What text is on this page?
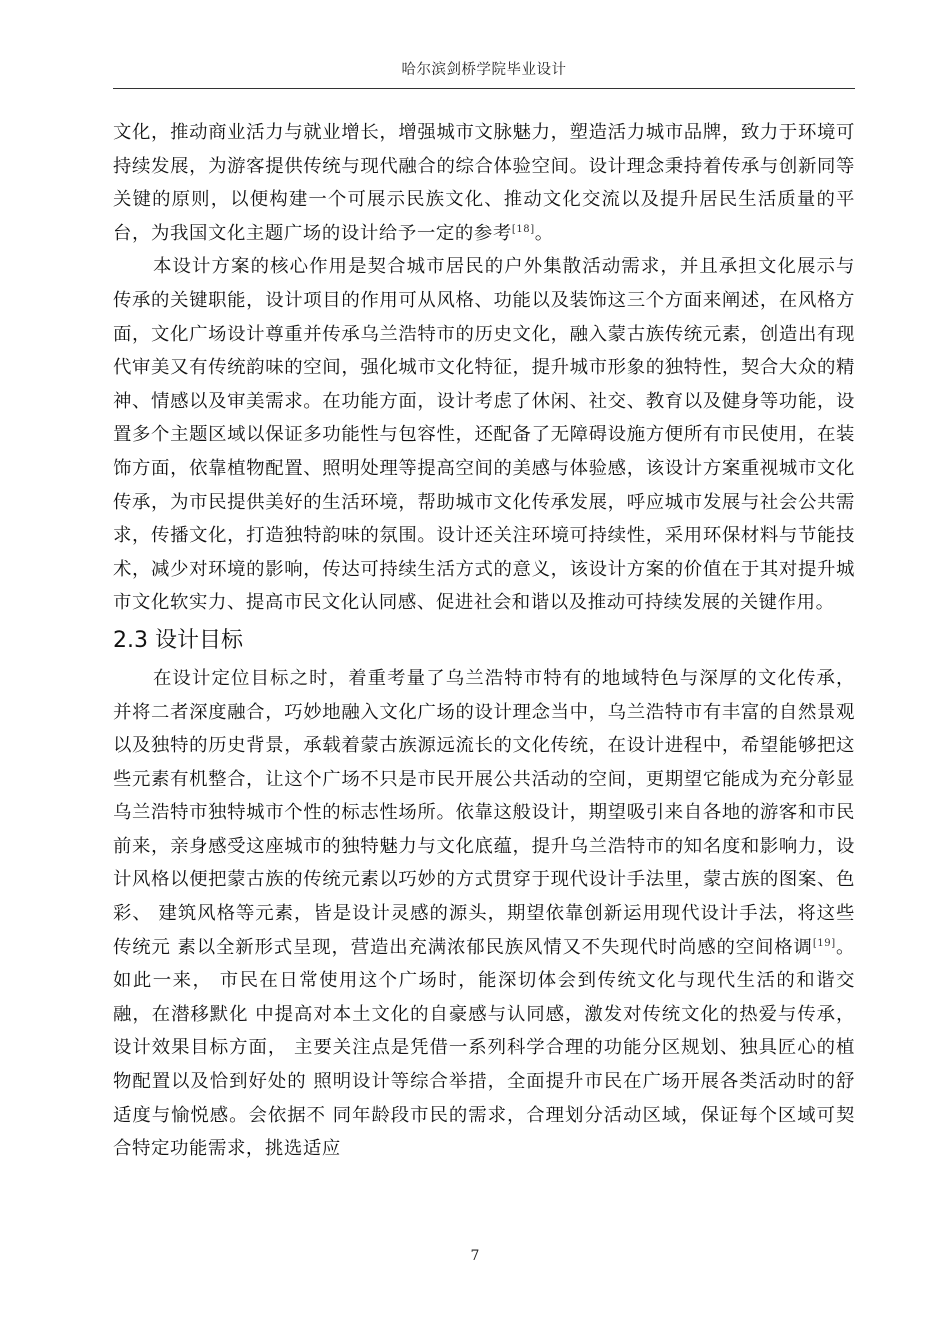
哈尔滨剑桥学院毕业设计

文化，推动商业活力与就业增长，增强城市文脉魅力，塑造活力城市品牌，致力于环境可持续发展，为游客提供传统与现代融合的综合体验空间。设计理念秉持着传承与创新同等关键的原则，以便构建一个可展示民族文化、推动文化交流以及提升居民生活质量的平台，为我国文化主题广场的设计给予一定的参考[18]。

本设计方案的核心作用是契合城市居民的户外集散活动需求，并且承担文化展示与传承的关键职能，设计项目的作用可从风格、功能以及装饰这三个方面来阐述，在风格方面，文化广场设计尊重并传承乌兰浩特市的历史文化，融入蒙古族传统元素，创造出有现代审美又有传统韵味的空间，强化城市文化特征，提升城市形象的独特性，契合大众的精神、情感以及审美需求。在功能方面，设计考虑了休闲、社交、教育以及健身等功能，设置多个主题区域以保证多功能性与包容性，还配备了无障碍设施方便所有市民使用，在装饰方面，依靠植物配置、照明处理等提高空间的美感与体验感，该设计方案重视城市文化传承，为市民提供美好的生活环境，帮助城市文化传承发展，呼应城市发展与社会公共需求，传播文化，打造独特韵味的氛围。设计还关注环境可持续性，采用环保材料与节能技术，减少对环境的影响，传达可持续生活方式的意义，该设计方案的价值在于其对提升城市文化软实力、提高市民文化认同感、促进社会和谐以及推动可持续发展的关键作用。

2.3 设计目标

在设计定位目标之时，着重考量了乌兰浩特市特有的地域特色与深厚的文化传承，并将二者深度融合，巧妙地融入文化广场的设计理念当中，乌兰浩特市有丰富的自然景观以及独特的历史背景，承载着蒙古族源远流长的文化传统，在设计进程中，希望能够把这些元素有机整合，让这个广场不只是市民开展公共活动的空间，更期望它能成为充分彰显乌兰浩特市独特城市个性的标志性场所。依靠这般设计，期望吸引来自各地的游客和市民前来，亲身感受这座城市的独特魅力与文化底蕴，提升乌兰浩特市的知名度和影响力，设计风格以便把蒙古族的传统元素以巧妙的方式贯穿于现代设计手法里，蒙古族的图案、色彩、 建筑风格等元素，皆是设计灵感的源头，期望依靠创新运用现代设计手法，将这些传统元 素以全新形式呈现，营造出充满浓郁民族风情又不失现代时尚感的空间格调[19]。如此一来， 市民在日常使用这个广场时，能深切体会到传统文化与现代生活的和谐交融，在潜移默化 中提高对本土文化的自豪感与认同感，激发对传统文化的热爱与传承，设计效果目标方面， 主要关注点是凭借一系列科学合理的功能分区规划、独具匠心的植物配置以及恰到好处的 照明设计等综合举措，全面提升市民在广场开展各类活动时的舒适度与愉悦感。会依据不 同年龄段市民的需求，合理划分活动区域，保证每个区域可契合特定功能需求，挑选适应

7
